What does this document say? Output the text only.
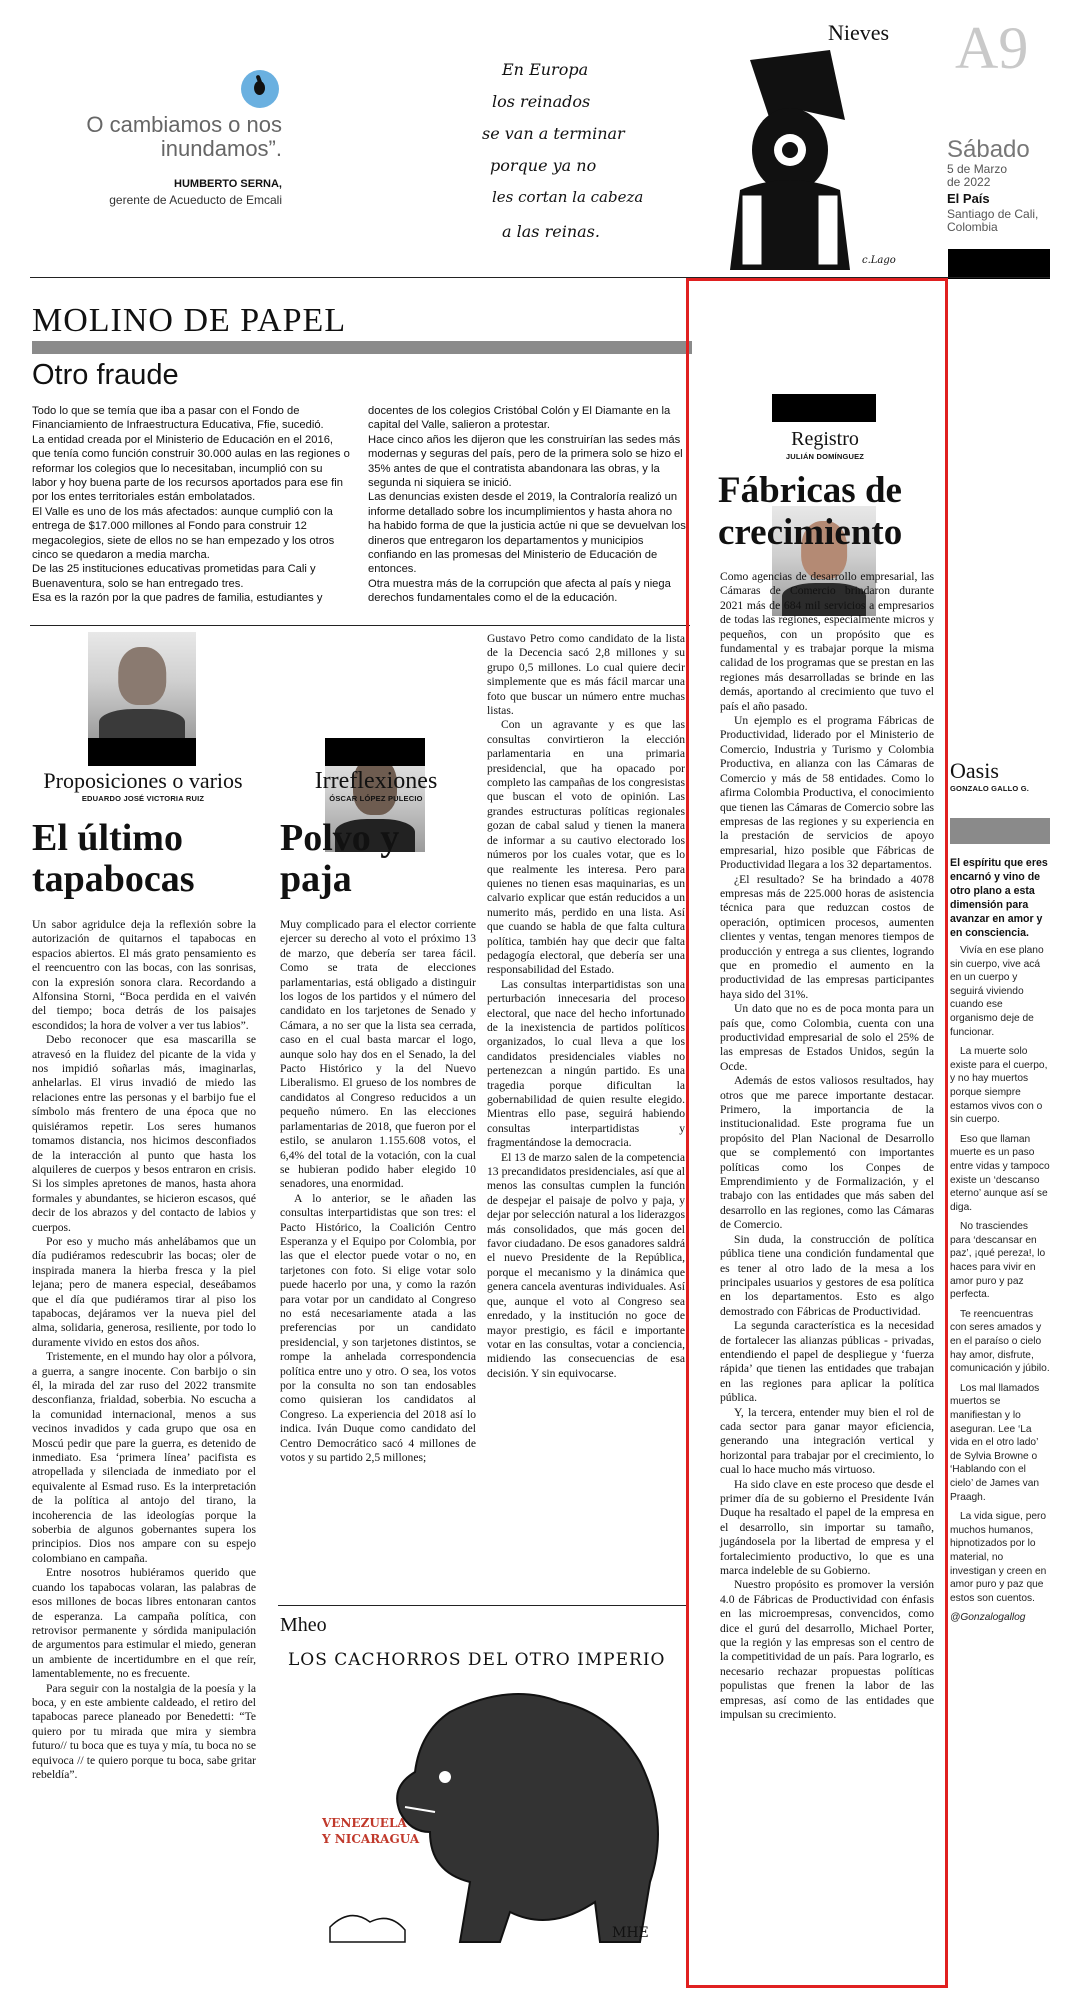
O cambiamos o nos
inundamos”.
HUMBERTO SERNA,
gerente de Acueducto de Emcali
En Europa
los reinados
se van a terminar
porque ya no
les cortan la cabeza
a las reinas.
c.Lago
Nieves A9
Sábado
5 de Marzo
de 2022
El País
Santiago de Cali,
Colombia
MOLINO DE PAPEL
Otro fraude

Todo lo que se temía que iba a pasar con el Fondo de Financiamiento de Infraestructura Educativa, Ffie, sucedió.

La entidad creada por el Ministerio de Educación en el 2016, que tenía como función construir 30.000 aulas en las regiones o reformar los colegios que lo necesitaban, incumplió con su labor y hoy buena parte de los recursos aportados para ese fin por los entes territoriales están embolatados.

El Valle es uno de los más afectados: aunque cumplió con la entrega de $17.000 millones al Fondo para construir 12 megacolegios, siete de ellos no se han empezado y los otros cinco se quedaron a media marcha.

De las 25 instituciones educativas prometidas para Cali y Buenaventura, solo se han entregado tres.

Esa es la razón por la que padres de familia, estudiantes y

docentes de los colegios Cristóbal Colón y El Diamante en la capital del Valle, salieron a protestar.

Hace cinco años les dijeron que les construirían las sedes más modernas y seguras del país, pero de la primera solo se hizo el 35% antes de que el contratista abandonara las obras, y la segunda ni siquiera se inició.

Las denuncias existen desde el 2019, la Contraloría realizó un informe detallado sobre los incumplimientos y hasta ahora no ha habido forma de que la justicia actúe ni que se devuelvan los dineros que entregaron los departamentos y municipios confiando en las promesas del Ministerio de Educación de entonces.

Otra muestra más de la corrupción que afecta al país y niega derechos fundamentales como el de la educación.

Proposiciones o varios
EDUARDO JOSÉ VICTORIA RUIZ
El último
tapabocas

Un sabor agridulce deja la reflexión sobre la autorización de quitarnos el tapabocas en espacios abiertos. El más grato pensamiento es el reencuentro con las bocas, con las sonrisas, con la expresión sonora clara. Recordando a Alfonsina Storni, “Boca perdida en el vaivén del tiempo; boca detrás de los paisajes escondidos; la hora de volver a ver tus labios”.

Debo reconocer que esa mascarilla se atravesó en la fluidez del picante de la vida y nos impidió soñarlas más, imaginarlas, anhelarlas. El virus invadió de miedo las relaciones entre las personas y el barbijo fue el símbolo más frentero de una época que no quisiéramos repetir. Los seres humanos tomamos distancia, nos hicimos desconfiados de la interacción al punto que hasta los alquileres de cuerpos y besos entraron en crisis. Si los simples apretones de manos, hasta ahora formales y abundantes, se hicieron escasos, qué decir de los abrazos y del contacto de labios y cuerpos.

Por eso y mucho más anhelábamos que un día pudiéramos redescubrir las bocas; oler de inspirada manera la hierba fresca y la piel lejana; pero de manera especial, deseábamos que el día que pudiéramos tirar al piso los tapabocas, dejáramos ver la nueva piel del alma, solidaria, generosa, resiliente, por todo lo duramente vivido en estos dos años.

Tristemente, en el mundo hay olor a pólvora, a guerra, a sangre inocente. Con barbijo o sin él, la mirada del zar ruso del 2022 transmite desconfianza, frialdad, soberbia. No escucha a la comunidad internacional, menos a sus vecinos invadidos y cada grupo que osa en Moscú pedir que pare la guerra, es detenido de inmediato. Esa ‘primera línea’ pacifista es atropellada y silenciada de inmediato por el equivalente al Esmad ruso. Es la interpretación de la política al antojo del tirano, la incoherencia de las ideologías porque la soberbia de algunos gobernantes supera los principios. Dios nos ampare con su espejo colombiano en campaña.

Entre nosotros hubiéramos querido que cuando los tapabocas volaran, las palabras de esos millones de bocas libres entonaran cantos de esperanza. La campaña política, con retrovisor permanente y sórdida manipulación de argumentos para estimular el miedo, generan un ambiente de incertidumbre en el que reír, lamentablemente, no es frecuente.

Para seguir con la nostalgia de la poesía y la boca, y en este ambiente caldeado, el retiro del tapabocas parece planeado por Benedetti: “Te quiero por tu mirada que mira y siembra futuro// tu boca que es tuya y mía, tu boca no se equivoca // te quiero porque tu boca, sabe gritar rebeldía”.

Irreflexiones
ÓSCAR LÓPEZ PULECIO
Polvo y
paja

Muy complicado para el elector corriente ejercer su derecho al voto el próximo 13 de marzo, que debería ser tarea fácil. Como se trata de elecciones parlamentarias, está obligado a distinguir los logos de los partidos y el número del candidato en los tarjetones de Senado y Cámara, a no ser que la lista sea cerrada, caso en el cual basta marcar el logo, aunque solo hay dos en el Senado, la del Pacto Histórico y la del Nuevo Liberalismo. El grueso de los nombres de candidatos al Congreso reducidos a un pequeño número. En las elecciones parlamentarias de 2018, que fueron por el estilo, se anularon 1.155.608 votos, el 6,4% del total de la votación, con la cual se hubieran podido haber elegido 10 senadores, una enormidad.

A lo anterior, se le añaden las consultas interpartidistas que son tres: el Pacto Histórico, la Coalición Centro Esperanza y el Equipo por Colombia, por las que el elector puede votar o no, en tarjetones con foto. Si elige votar solo puede hacerlo por una, y como la razón para votar por un candidato al Congreso no está necesariamente atada a las preferencias por un candidato presidencial, y son tarjetones distintos, se rompe la anhelada correspondencia política entre uno y otro. O sea, los votos por la consulta no son tan endosables como quisieran los candidatos al Congreso. La experiencia del 2018 así lo indica. Iván Duque como candidato del Centro Democrático sacó 4 millones de votos y su partido 2,5 millones;

Gustavo Petro como candidato de la lista de la Decencia sacó 2,8 millones y su grupo 0,5 millones. Lo cual quiere decir simplemente que es más fácil marcar una foto que buscar un número entre muchas listas.

Con un agravante y es que las consultas convirtieron la elección parlamentaria en una primaria presidencial, que ha opacado por completo las campañas de los congresistas que buscan el voto de opinión. Las grandes estructuras políticas regionales gozan de cabal salud y tienen la manera de informar a su cautivo electorado los números por los cuales votar, que es lo que realmente les interesa. Pero para quienes no tienen esas maquinarias, es un calvario explicar que están reducidos a un numerito más, perdido en una lista. Así que cuando se habla de que falta cultura política, también hay que decir que falta pedagogía electoral, que debería ser una responsabilidad del Estado.

Las consultas interpartidistas son una perturbación innecesaria del proceso electoral, que nace del hecho infortunado de la inexistencia de partidos políticos organizados, lo cual lleva a que los candidatos presidenciales viables no pertenezcan a ningún partido. Es una tragedia porque dificultan la gobernabilidad de quien resulte elegido. Mientras ello pase, seguirá habiendo consultas interpartidistas y fragmentándose la democracia.

El 13 de marzo salen de la competencia 13 precandidatos presidenciales, así que al menos las consultas cumplen la función de despejar el paisaje de polvo y paja, y dejar por selección natural a los liderazgos más consolidados, que más gocen del favor ciudadano. De esos ganadores saldrá el nuevo Presidente de la República, porque el mecanismo y la dinámica que genera cancela aventuras individuales. Así que, aunque el voto al Congreso sea enredado, y la institución no goce de mayor prestigio, es fácil e importante votar en las consultas, votar a conciencia, midiendo las consecuencias de esa decisión. Y sin equivocarse.

Mheo
LOS CACHORROS DEL OTRO IMPERIO
VENEZUELA
Y NICARAGUA
MHE
Registro
JULIÁN DOMÍNGUEZ
Fábricas de
crecimiento

Como agencias de desarrollo empresarial, las Cámaras de Comercio brindaron durante 2021 más de 684 mil servicios a empresarios de todas las regiones, especialmente micros y pequeños, con un propósito que es fundamental y es trabajar porque la misma calidad de los programas que se prestan en las regiones más desarrolladas se brinde en las demás, aportando al crecimiento que tuvo el país el año pasado.

Un ejemplo es el programa Fábricas de Productividad, liderado por el Ministerio de Comercio, Industria y Turismo y Colombia Productiva, en alianza con las Cámaras de Comercio y más de 58 entidades. Como lo afirma Colombia Productiva, el conocimiento que tienen las Cámaras de Comercio sobre las empresas de las regiones y su experiencia en la prestación de servicios de apoyo empresarial, hizo posible que Fábricas de Productividad llegara a los 32 departamentos.

¿El resultado? Se ha brindado a 4078 empresas más de 225.000 horas de asistencia técnica para que reduzcan costos de operación, optimicen procesos, aumenten clientes y ventas, tengan menores tiempos de producción y entrega a sus clientes, logrando que en promedio el aumento en la productividad de las empresas participantes haya sido del 31%.

Un dato que no es de poca monta para un país que, como Colombia, cuenta con una productividad empresarial de solo el 25% de las empresas de Estados Unidos, según la Ocde.

Además de estos valiosos resultados, hay otros que me parece importante destacar. Primero, la importancia de la institucionalidad. Este programa fue un propósito del Plan Nacional de Desarrollo que se complementó con importantes políticas como los Conpes de Emprendimiento y de Formalización, y el trabajo con las entidades que más saben del desarrollo en las regiones, como las Cámaras de Comercio.

Sin duda, la construcción de política pública tiene una condición fundamental que es tener al otro lado de la mesa a los principales usuarios y gestores de esa política en los departamentos. Esto es algo demostrado con Fábricas de Productividad.

La segunda característica es la necesidad de fortalecer las alianzas públicas - privadas, entendiendo el papel de despliegue y ‘fuerza rápida’ que tienen las entidades que trabajan en las regiones para aplicar la política pública.

Y, la tercera, entender muy bien el rol de cada sector para ganar mayor eficiencia, generando una integración vertical y horizontal para trabajar por el crecimiento, lo cual lo hace mucho más virtuoso.

Ha sido clave en este proceso que desde el primer día de su gobierno el Presidente Iván Duque ha resaltado el papel de la empresa en el desarrollo, sin importar su tamaño, jugándosela por la libertad de empresa y el fortalecimiento productivo, lo que es una marca indeleble de su Gobierno.

Nuestro propósito es promover la versión 4.0 de Fábricas de Productividad con énfasis en las microempresas, convencidos, como dice el gurú del desarrollo, Michael Porter, que la región y las empresas son el centro de la competitividad de un país. Para lograrlo, es necesario rechazar propuestas políticas populistas que frenen la labor de las empresas, así como de las entidades que impulsan su crecimiento.

Oasis
GONZALO GALLO G.
El espíritu que eres encarnó y vino de otro plano a esta dimensión para avanzar en amor y en consciencia.

Vivía en ese plano sin cuerpo, vive acá en un cuerpo y seguirá viviendo cuando ese organismo deje de funcionar.

La muerte solo existe para el cuerpo, y no hay muertos porque siempre estamos vivos con o sin cuerpo.

Eso que llaman muerte es un paso entre vidas y tampoco existe un ‘descanso eterno’ aunque así se diga.

No trasciendes para ‘descansar en paz’, ¡qué pereza!, lo haces para vivir en amor puro y paz perfecta.

Te reencuentras con seres amados y en el paraíso o cielo hay amor, disfrute, comunicación y júbilo.

Los mal llamados muertos se manifiestan y lo aseguran. Lee ‘La vida en el otro lado’ de Sylvia Browne o ‘Hablando con el cielo’ de James van Praagh.

La vida sigue, pero muchos humanos, hipnotizados por lo material, no investigan y creen en amor puro y paz que estos son cuentos.

@Gonzalogallog
